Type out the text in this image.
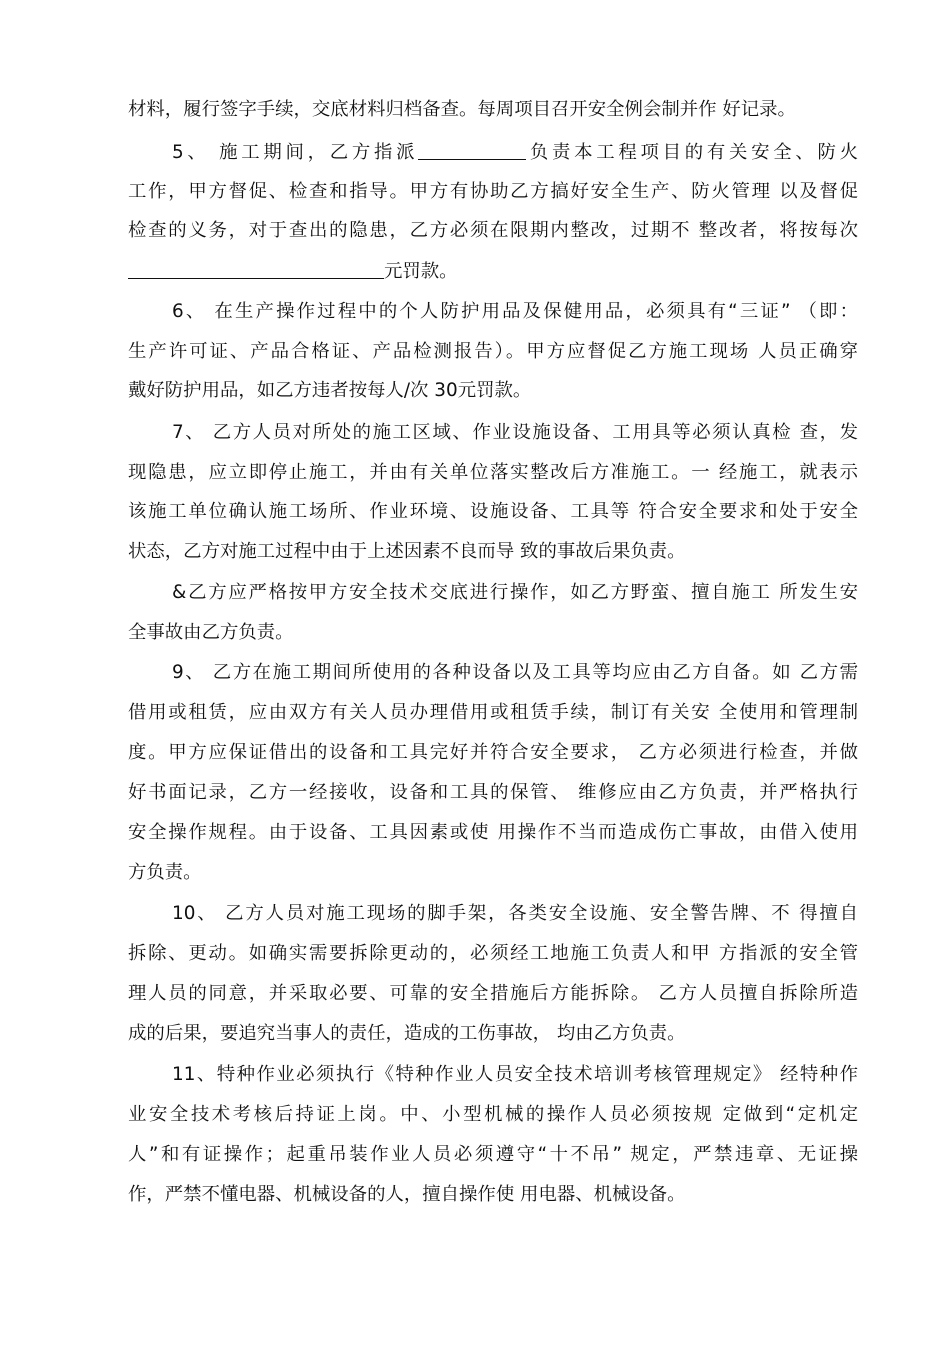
材料，履行签字手续，交底材料归档备查。每周项目召开安全例会制并作 好记录。
5、 施工期间，乙方指派	负责本工程项目的有关安全、防火
工作，甲方督促、检查和指导。甲方有协助乙方搞好安全生产、防火管理 以及督促
检查的义务，对于查出的隐患，乙方必须在限期内整改，过期不 整改者，将按每次
元罚款。
6、 在生产操作过程中的个人防护用品及保健用品，必须具有“三证” （即：
生产许可证、产品合格证、产品检测报告）。甲方应督促乙方施工现场 人员正确穿
戴好防护用品，如乙方违者按每人/次 30元罚款。
7、 乙方人员对所处的施工区域、作业设施设备、工用具等必须认真检 查，发
现隐患，应立即停止施工，并由有关单位落实整改后方准施工。一 经施工，就表示
该施工单位确认施工场所、作业环境、设施设备、工具等 符合安全要求和处于安全
状态，乙方对施工过程中由于上述因素不良而导 致的事故后果负责。
&乙方应严格按甲方安全技术交底进行操作，如乙方野蛮、擅自施工 所发生安
全事故由乙方负责。
9、 乙方在施工期间所使用的各种设备以及工具等均应由乙方自备。如 乙方需
借用或租赁，应由双方有关人员办理借用或租赁手续，制订有关安 全使用和管理制
度。甲方应保证借出的设备和工具完好并符合安全要求， 乙方必须进行检查，并做
好书面记录，乙方一经接收，设备和工具的保管、 维修应由乙方负责，并严格执行
安全操作规程。由于设备、工具因素或使 用操作不当而造成伤亡事故，由借入使用
方负责。
10、 乙方人员对施工现场的脚手架，各类安全设施、安全警告牌、不 得擅自
拆除、更动。如确实需要拆除更动的，必须经工地施工负责人和甲 方指派的安全管
理人员的同意，并采取必要、可靠的安全措施后方能拆除。 乙方人员擅自拆除所造
成的后果，要追究当事人的责任，造成的工伤事故， 均由乙方负责。
11、特种作业必须执行《特种作业人员安全技术培训考核管理规定》 经特种作
业安全技术考核后持证上岗。中、小型机械的操作人员必须按规 定做到“定机定
人”和有证操作；起重吊装作业人员必须遵守“十不吊” 规定，严禁违章、无证操
作，严禁不懂电器、机械设备的人，擅自操作使 用电器、机械设备。
